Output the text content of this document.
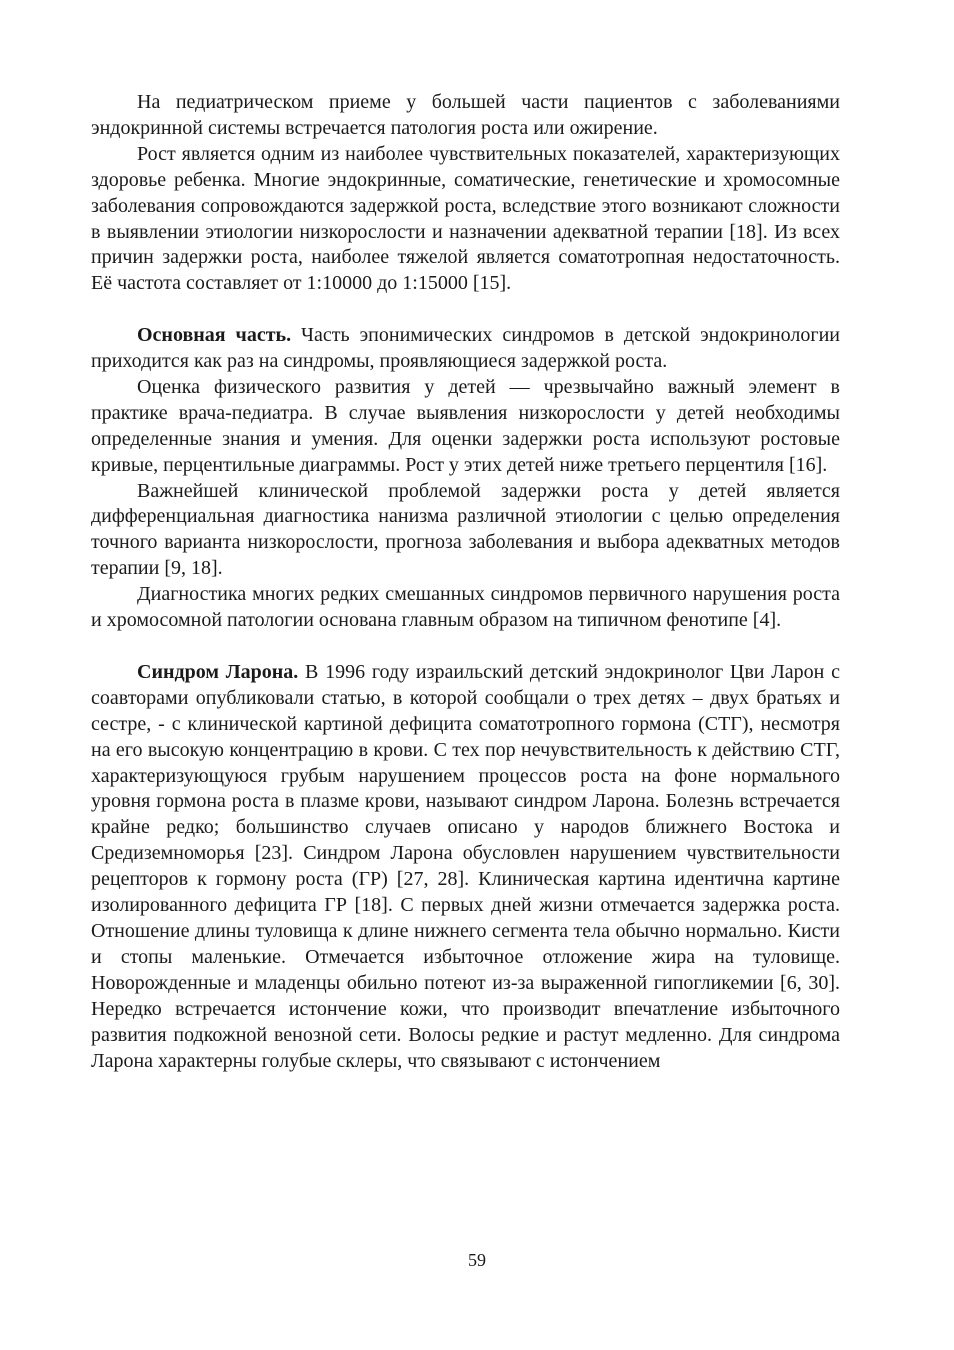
На педиатрическом приеме у большей части пациентов с заболеваниями эндокринной системы встречается патология роста или ожирение.

Рост является одним из наиболее чувствительных показателей, характеризующих здоровье ребенка. Многие эндокринные, соматические, генетические и хромосомные заболевания сопровождаются задержкой роста, вследствие этого возникают сложности в выявлении этиологии низкорослости и назначении адекватной терапии [18]. Из всех причин задержки роста, наиболее тяжелой является соматотропная недостаточность. Её частота составляет от 1:10000 до 1:15000 [15].

Основная часть. Часть эпонимических синдромов в детской эндокринологии приходится как раз на синдромы, проявляющиеся задержкой роста.

Оценка физического развития у детей — чрезвычайно важный элемент в практике врача-педиатра. В случае выявления низкорослости у детей необходимы определенные знания и умения. Для оценки задержки роста используют ростовые кривые, перцентильные диаграммы. Рост у этих детей ниже третьего перцентиля [16].

Важнейшей клинической проблемой задержки роста у детей является дифференциальная диагностика нанизма различной этиологии с целью определения точного варианта низкорослости, прогноза заболевания и выбора адекватных методов терапии [9, 18].

Диагностика многих редких смешанных синдромов первичного нарушения роста и хромосомной патологии основана главным образом на типичном фенотипе [4].

Синдром Ларона. В 1996 году израильский детский эндокринолог Цви Ларон с соавторами опубликовали статью, в которой сообщали о трех детях – двух братьях и сестре, - с клинической картиной дефицита соматотропного гормона (СТГ), несмотря на его высокую концентрацию в крови. С тех пор нечувствительность к действию СТГ, характеризующуюся грубым нарушением процессов роста на фоне нормального уровня гормона роста в плазме крови, называют синдром Ларона. Болезнь встречается крайне редко; большинство случаев описано у народов ближнего Востока и Средиземноморья [23]. Синдром Ларона обусловлен нарушением чувствительности рецепторов к гормону роста (ГР) [27, 28]. Клиническая картина идентична картине изолированного дефицита ГР [18]. С первых дней жизни отмечается задержка роста. Отношение длины туловища к длине нижнего сегмента тела обычно нормально. Кисти и стопы маленькие. Отмечается избыточное отложение жира на туловище. Новорожденные и младенцы обильно потеют из-за выраженной гипогликемии [6, 30]. Нередко встречается истончение кожи, что производит впечатление избыточного развития подкожной венозной сети. Волосы редкие и растут медленно. Для синдрома Ларона характерны голубые склеры, что связывают с истончением

59
